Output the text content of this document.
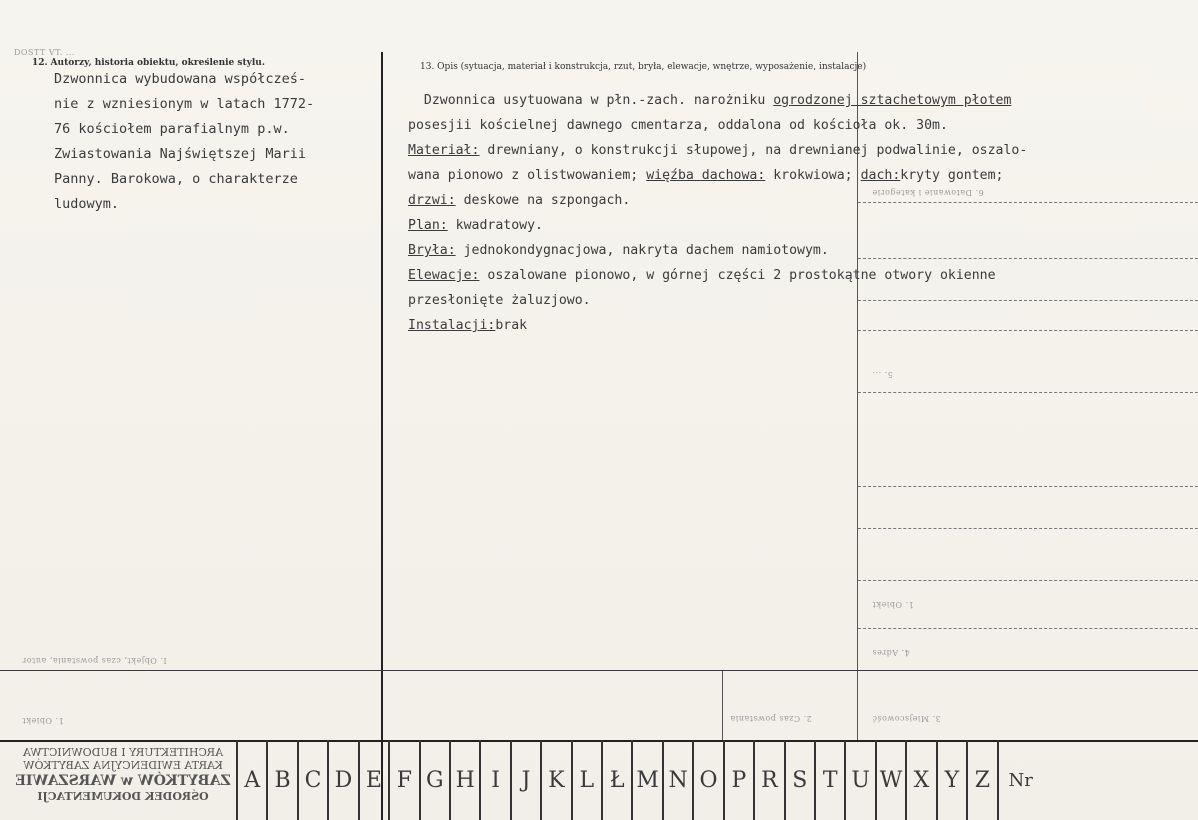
DOSTT VT. ...
6. Datowanie i kategorie
5. ...
4. Adres
3. Miejscowość
2. Czas powstania
1. Obiekt
I. Objekt, czas powstania, autor
1. Obiekt
12. Autorzy, historia obiektu, określenie stylu.
Dzwonnica wybudowana współcześ-
nie z wzniesionym w latach 1772-
76 kościołem parafialnym p.w.
Zwiastowania Najświętszej Marii
Panny. Barokowa, o charakterze
ludowym.
13. Opis (sytuacja, materiał i konstrukcja, rzut, bryła, elewacje, wnętrze, wyposażenie, instalacje)
Dzwonnica usytuowana w płn.-zach. narożniku ogrodzonej sztachetowym płotem
posesjii kościelnej dawnego cmentarza, oddalona od kościoła ok. 30m.
Materiał: drewniany, o konstrukcji słupowej, na drewnianej podwalinie, oszalo-
wana pionowo z olistwowaniem; więźba dachowa: krokwiowa; dach:kryty gontem;
drzwi: deskowe na szpongach.
Plan: kwadratowy.
Bryła: jednokondygnacjowa, nakryta dachem namiotowym.
Elewacje: oszalowane pionowo, w górnej części 2 prostokątne otwory okienne
przesłonięte żaluzjowo.
Instalacji:brak
ARCHITEKTURY I BUDOWNICTWA
KARTA EWIDENCYJNA ZABYTKÓW
ZABYTKÓW w WARSZAWIE
OŚRODEK DOKUMENTACJI
A B C D E F G H I J K L Ł M N O P R S T U W X Y Z	Nr
